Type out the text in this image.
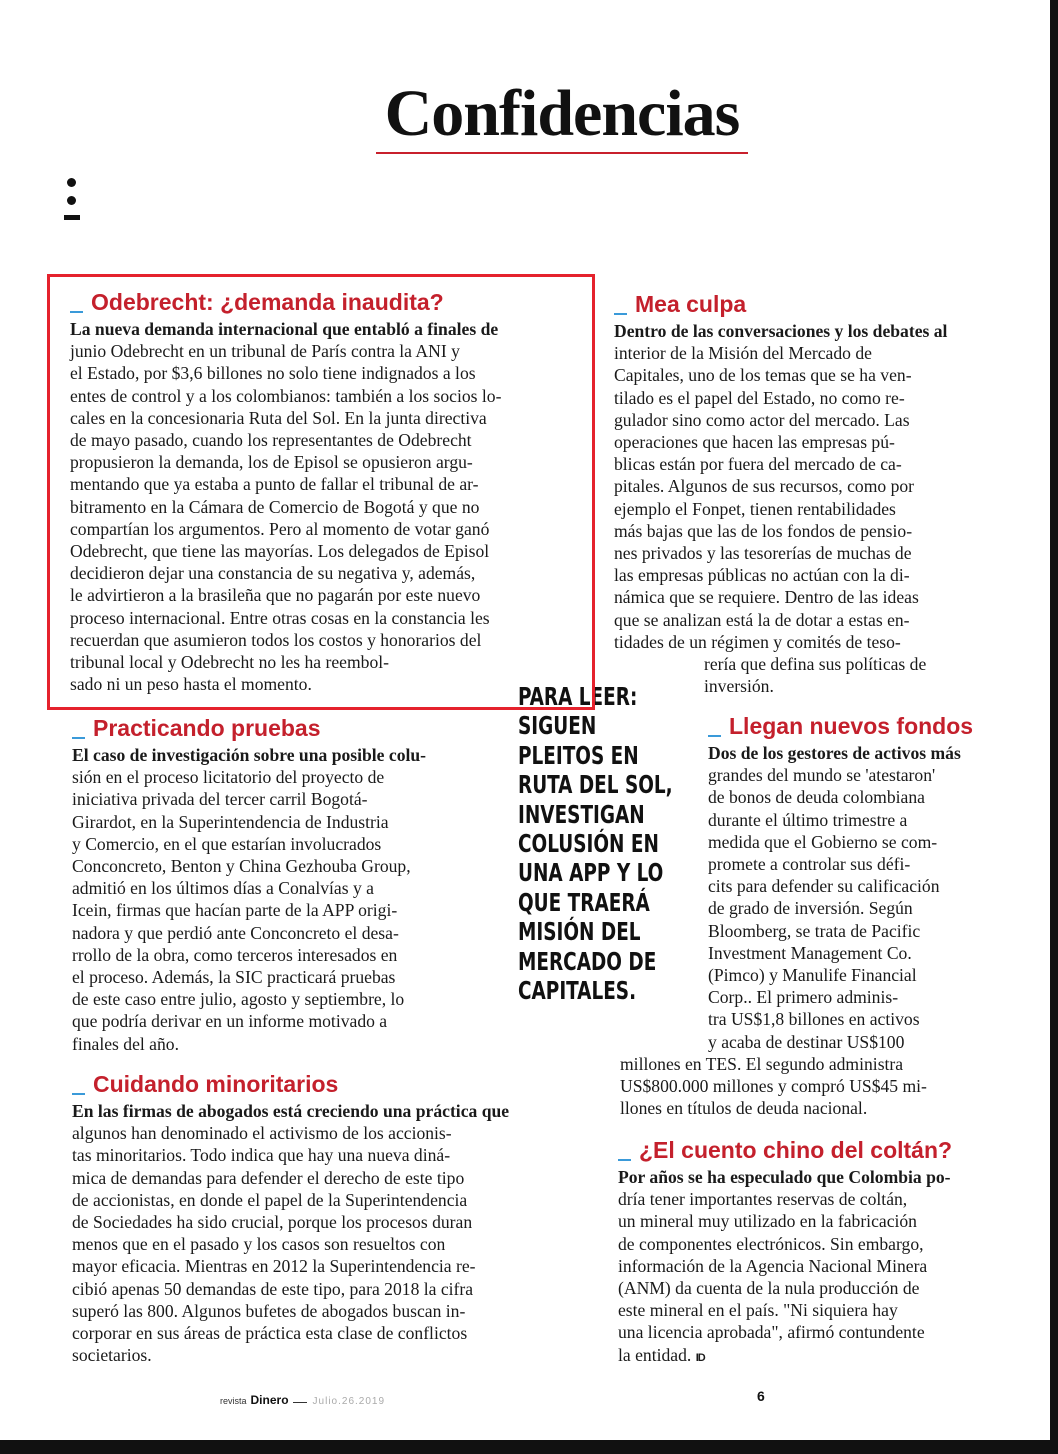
Confidencias
Odebrecht: ¿demanda inaudita?

La nueva demanda internacional que entabló a finales de
junio Odebrecht en un tribunal de París contra la ANI y
el Estado, por $3,6 billones no solo tiene indignados a los
entes de control y a los colombianos: también a los socios lo-
cales en la concesionaria Ruta del Sol. En la junta directiva
de mayo pasado, cuando los representantes de Odebrecht
propusieron la demanda, los de Episol se opusieron argu-
mentando que ya estaba a punto de fallar el tribunal de ar-
bitramento en la Cámara de Comercio de Bogotá y que no
compartían los argumentos. Pero al momento de votar ganó
Odebrecht, que tiene las mayorías. Los delegados de Episol
decidieron dejar una constancia de su negativa y, además,
le advirtieron a la brasileña que no pagarán por este nuevo
proceso internacional. Entre otras cosas en la constancia les
recuerdan que asumieron todos los costos y honorarios del
tribunal local y Odebrecht no les ha reembol-
sado ni un peso hasta el momento.

Practicando pruebas

El caso de investigación sobre una posible colu-
sión en el proceso licitatorio del proyecto de
iniciativa privada del tercer carril Bogotá-
Girardot, en la Superintendencia de Industria
y Comercio, en el que estarían involucrados
Conconcreto, Benton y China Gezhouba Group,
admitió en los últimos días a Conalvías y a
Icein, firmas que hacían parte de la APP origi-
nadora y que perdió ante Conconcreto el desa-
rrollo de la obra, como terceros interesados en
el proceso. Además, la SIC practicará pruebas
de este caso entre julio, agosto y septiembre, lo
que podría derivar en un informe motivado a
finales del año.

Cuidando minoritarios

En las firmas de abogados está creciendo una práctica que
algunos han denominado el activismo de los accionis-
tas minoritarios. Todo indica que hay una nueva diná-
mica de demandas para defender el derecho de este tipo
de accionistas, en donde el papel de la Superintendencia
de Sociedades ha sido crucial, porque los procesos duran
menos que en el pasado y los casos son resueltos con
mayor eficacia. Mientras en 2012 la Superintendencia re-
cibió apenas 50 demandas de este tipo, para 2018 la cifra
superó las 800. Algunos bufetes de abogados buscan in-
corporar en sus áreas de práctica esta clase de conflictos
societarios.

Mea culpa

Dentro de las conversaciones y los debates al
interior de la Misión del Mercado de
Capitales, uno de los temas que se ha ven-
tilado es el papel del Estado, no como re-
gulador sino como actor del mercado. Las
operaciones que hacen las empresas pú-
blicas están por fuera del mercado de ca-
pitales. Algunos de sus recursos, como por
ejemplo el Fonpet, tienen rentabilidades
más bajas que las de los fondos de pensio-
nes privados y las tesorerías de muchas de
las empresas públicas no actúan con la di-
námica que se requiere. Dentro de las ideas
que se analizan está la de dotar a estas en-
tidades de un régimen y comités de teso-
rería que defina sus políticas de
inversión.

Llegan nuevos fondos

Dos de los gestores de activos más
grandes del mundo se 'atestaron'
de bonos de deuda colombiana
durante el último trimestre a
medida que el Gobierno se com-
promete a controlar sus défi-
cits para defender su calificación
de grado de inversión. Según
Bloomberg, se trata de Pacific
Investment Management Co.
(Pimco) y Manulife Financial
Corp.. El primero adminis-
tra US$1,8 billones en activos
y acaba de destinar US$100
millones en TES. El segundo administra
US$800.000 millones y compró US$45 mi-
llones en títulos de deuda nacional.

¿El cuento chino del coltán?

Por años se ha especulado que Colombia po-
dría tener importantes reservas de coltán,
un mineral muy utilizado en la fabricación
de componentes electrónicos. Sin embargo,
información de la Agencia Nacional Minera
(ANM) da cuenta de la nula producción de
este mineral en el país. "Ni siquiera hay
una licencia aprobada", afirmó contundente
la entidad. ID

PARA LEER:
SIGUEN
PLEITOS EN
RUTA DEL SOL,
INVESTIGAN
COLUSIÓN EN
UNA APP Y LO
QUE TRAERÁ
MISIÓN DEL
MERCADO DE
CAPITALES.
revista Dinero Julio.26.2019	6
